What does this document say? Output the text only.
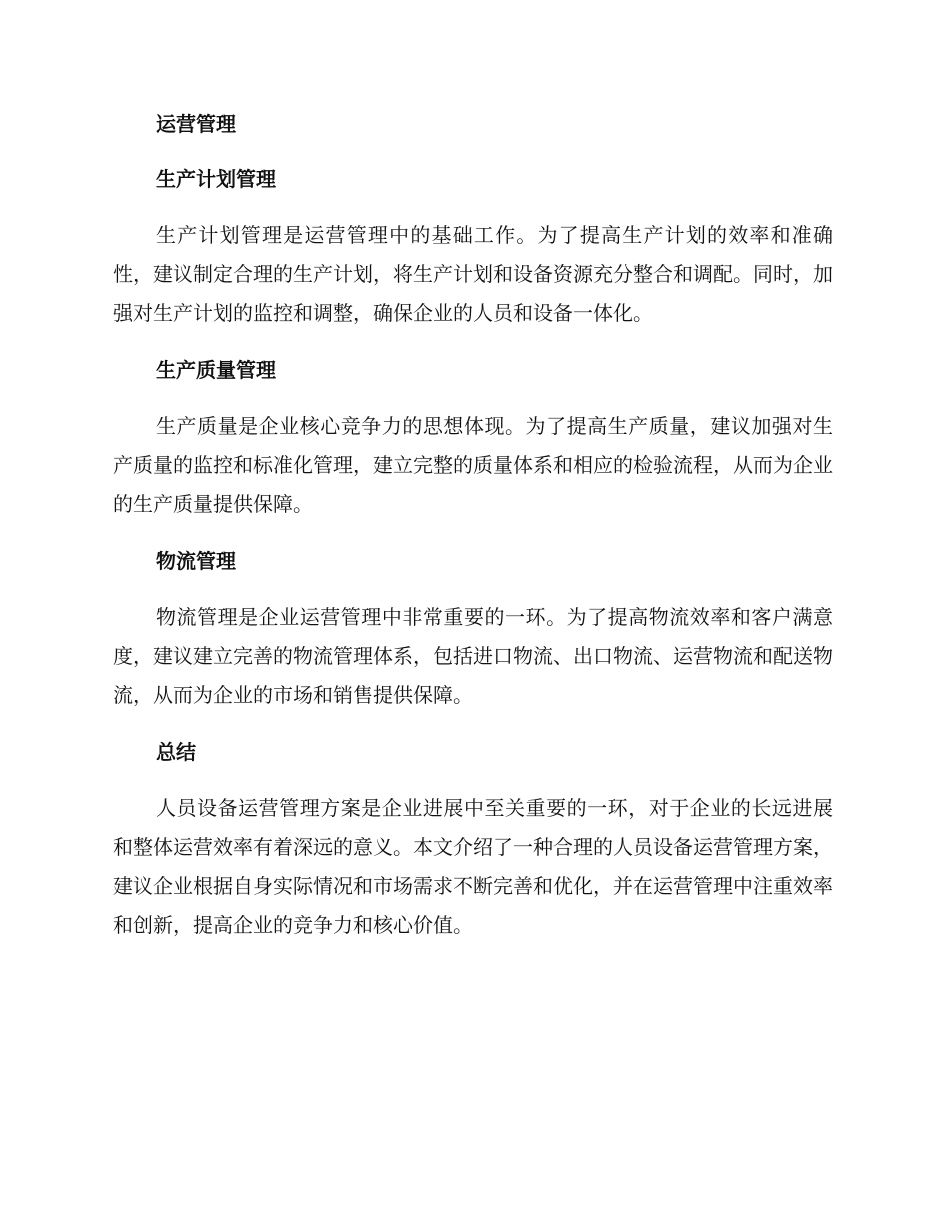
运营管理
生产计划管理

生产计划管理是运营管理中的基础工作。为了提高生产计划的效率和准确性，建议制定合理的生产计划，将生产计划和设备资源充分整合和调配。同时，加强对生产计划的监控和调整，确保企业的人员和设备一体化。

生产质量管理

生产质量是企业核心竞争力的思想体现。为了提高生产质量，建议加强对生产质量的监控和标准化管理，建立完整的质量体系和相应的检验流程，从而为企业的生产质量提供保障。

物流管理

物流管理是企业运营管理中非常重要的一环。为了提高物流效率和客户满意度，建议建立完善的物流管理体系，包括进口物流、出口物流、运营物流和配送物流，从而为企业的市场和销售提供保障。

总结

人员设备运营管理方案是企业进展中至关重要的一环，对于企业的长远进展和整体运营效率有着深远的意义。本文介绍了一种合理的人员设备运营管理方案，建议企业根据自身实际情况和市场需求不断完善和优化，并在运营管理中注重效率和创新，提高企业的竞争力和核心价值。
